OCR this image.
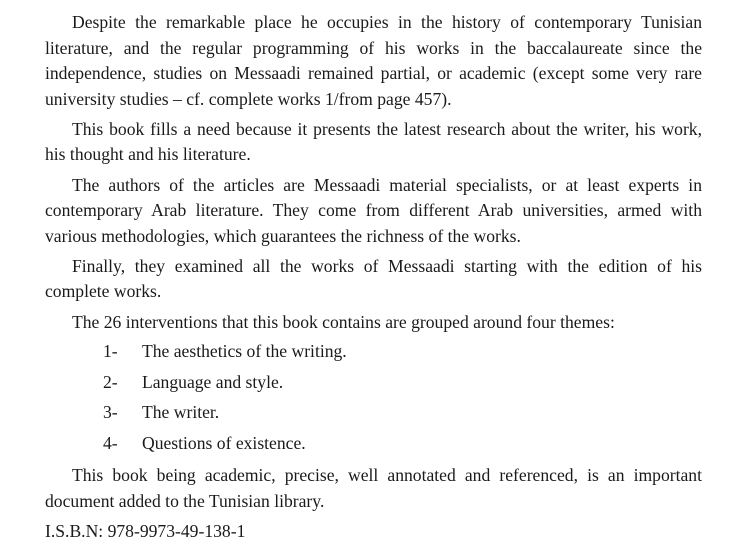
Despite the remarkable place he occupies in the history of contemporary Tunisian literature, and the regular programming of his works in the baccalaureate since the independence, studies on Messaadi remained partial, or academic (except some very rare university studies – cf. complete works 1/from page 457).

This book fills a need because it presents the latest research about the writer, his work, his thought and his literature.

The authors of the articles are Messaadi material specialists, or at least experts in contemporary Arab literature. They come from different Arab universities, armed with various methodologies, which guarantees the richness of the works.

Finally, they examined all the works of Messaadi starting with the edition of his complete works.

The 26 interventions that this book contains are grouped around four themes:

1-	The aesthetics of the writing.
2-	Language and style.
3-	The writer.
4-	Questions of existence.

This book being academic, precise, well annotated and referenced, is an important document added to the Tunisian library.

I.S.B.N: 978-9973-49-138-1
